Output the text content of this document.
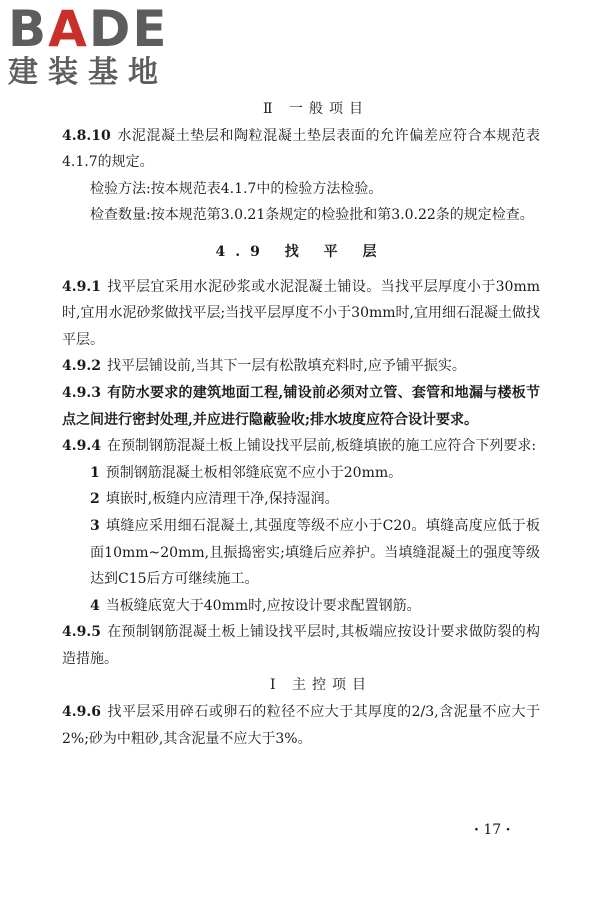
BADE
建装基地
Ⅱ 一般项目
4.8.10 水泥混凝土垫层和陶粒混凝土垫层表面的允许偏差应符合本规范表4.1.7的规定。
检验方法:按本规范表4.1.7中的检验方法检验。
检查数量:按本规范第3.0.21条规定的检验批和第3.0.22条的规定检查。
4.9 找 平 层
4.9.1 找平层宜采用水泥砂浆或水泥混凝土铺设。当找平层厚度小于30mm时,宜用水泥砂浆做找平层;当找平层厚度不小于30mm时,宜用细石混凝土做找平层。
4.9.2 找平层铺设前,当其下一层有松散填充料时,应予铺平振实。
4.9.3 有防水要求的建筑地面工程,铺设前必须对立管、套管和地漏与楼板节点之间进行密封处理,并应进行隐蔽验收;排水坡度应符合设计要求。
4.9.4 在预制钢筋混凝土板上铺设找平层前,板缝填嵌的施工应符合下列要求:
1 预制钢筋混凝土板相邻缝底宽不应小于20mm。
2 填嵌时,板缝内应清理干净,保持湿润。
3 填缝应采用细石混凝土,其强度等级不应小于C20。填缝高度应低于板面10mm~20mm,且振捣密实;填缝后应养护。当填缝混凝土的强度等级达到C15后方可继续施工。
4 当板缝底宽大于40mm时,应按设计要求配置钢筋。
4.9.5 在预制钢筋混凝土板上铺设找平层时,其板端应按设计要求做防裂的构造措施。
Ⅰ 主控项目
4.9.6 找平层采用碎石或卵石的粒径不应大于其厚度的2/3,含泥量不应大于2%;砂为中粗砂,其含泥量不应大于3%。
· 17 ·
